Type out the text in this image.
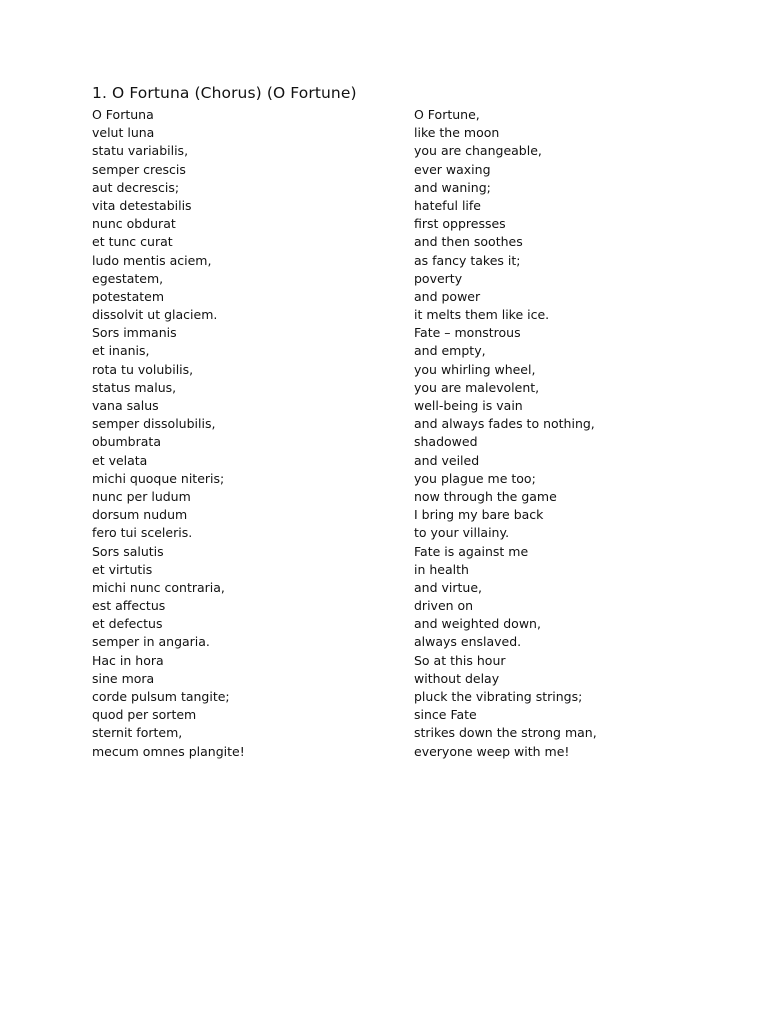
1. O Fortuna (Chorus) (O Fortune)
O Fortuna
velut luna
statu variabilis,
semper crescis
aut decrescis;
vita detestabilis
nunc obdurat
et tunc curat
ludo mentis aciem,
egestatem,
potestatem
dissolvit ut glaciem.
Sors immanis
et inanis,
rota tu volubilis,
status malus,
vana salus
semper dissolubilis,
obumbrata
et velata
michi quoque niteris;
nunc per ludum
dorsum nudum
fero tui sceleris.
Sors salutis
et virtutis
michi nunc contraria,
est affectus
et defectus
semper in angaria.
Hac in hora
sine mora
corde pulsum tangite;
quod per sortem
sternit fortem,
mecum omnes plangite!
O Fortune,
like the moon
you are changeable,
ever waxing
and waning;
hateful life
first oppresses
and then soothes
as fancy takes it;
poverty
and power
it melts them like ice.
Fate – monstrous
and empty,
you whirling wheel,
you are malevolent,
well-being is vain
and always fades to nothing,
shadowed
and veiled
you plague me too;
now through the game
I bring my bare back
to your villainy.
Fate is against me
in health
and virtue,
driven on
and weighted down,
always enslaved.
So at this hour
without delay
pluck the vibrating strings;
since Fate
strikes down the strong man,
everyone weep with me!
